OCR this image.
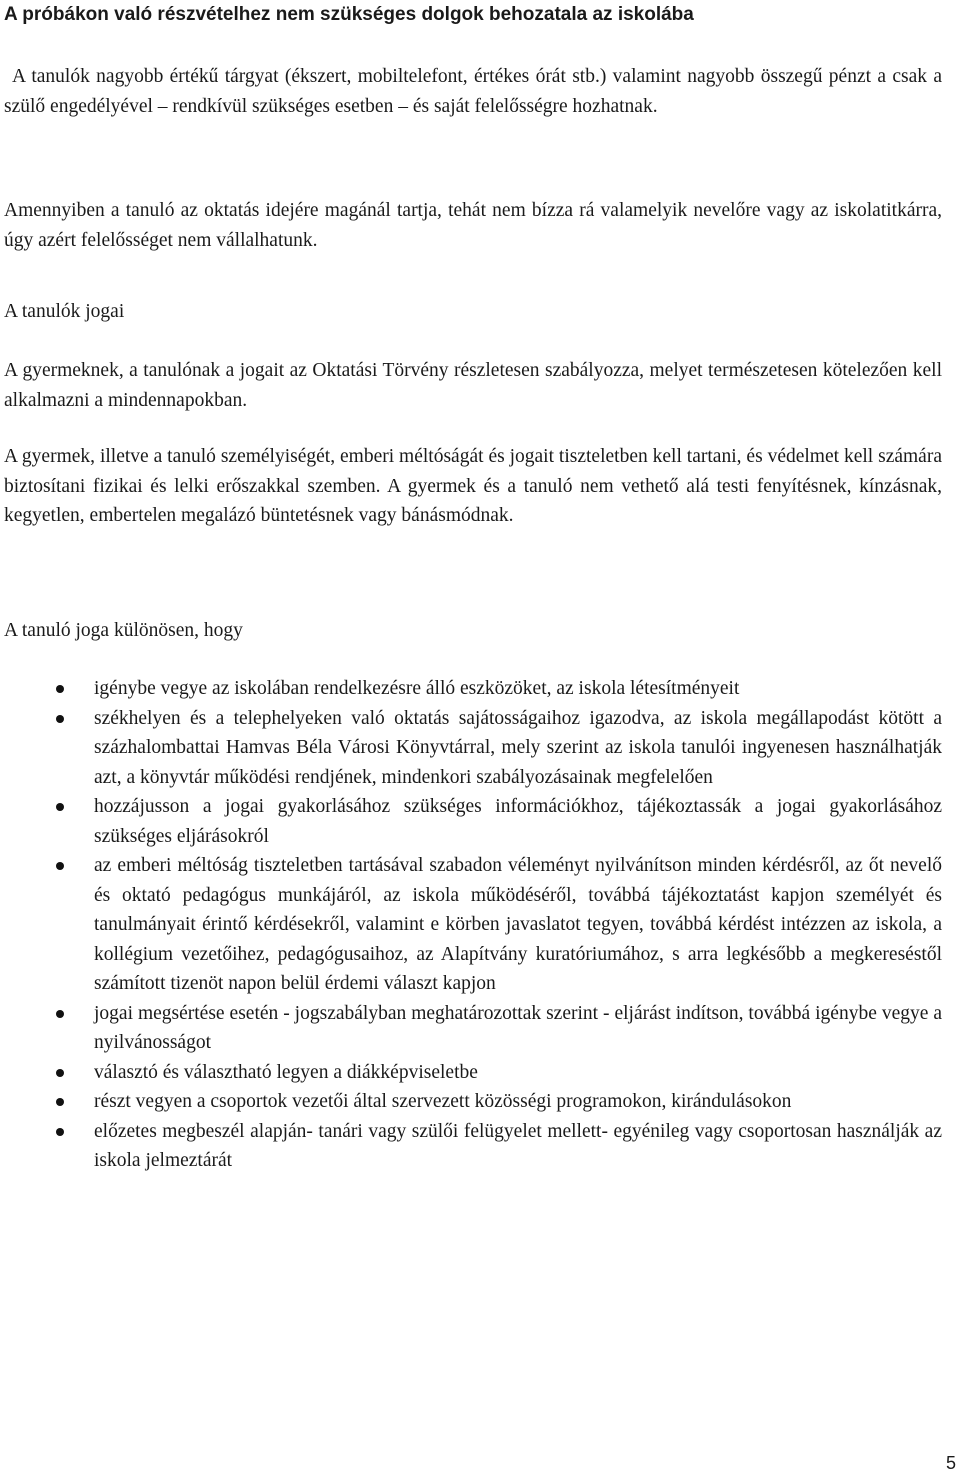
A próbákon való részvételhez nem szükséges dolgok behozatala az iskolába

A tanulók nagyobb értékű tárgyat (ékszert, mobiltelefont, értékes órát stb.) valamint nagyobb összegű pénzt a csak a szülő engedélyével – rendkívül szükséges esetben – és saját felelősségre hozhatnak.

Amennyiben a tanuló az oktatás idejére magánál tartja, tehát nem bízza rá valamelyik nevelőre vagy az iskolatitkárra, úgy azért felelősséget nem vállalhatunk.

A tanulók jogai

A gyermeknek, a tanulónak a jogait az Oktatási Törvény részletesen szabályozza, melyet természetesen kötelezően kell alkalmazni a mindennapokban.

A gyermek, illetve a tanuló személyiségét, emberi méltóságát és jogait tiszteletben kell tartani, és védelmet kell számára biztosítani fizikai és lelki erőszakkal szemben. A gyermek és a tanuló nem vethető alá testi fenyítésnek, kínzásnak, kegyetlen, embertelen megalázó büntetésnek vagy bánásmódnak.

A tanuló joga különösen, hogy

igénybe vegye az iskolában rendelkezésre álló eszközöket, az iskola létesítményeit
székhelyen és a telephelyeken való oktatás sajátosságaihoz igazodva, az iskola megállapodást kötött a százhalombattai Hamvas Béla Városi Könyvtárral, mely szerint az iskola tanulói ingyenesen használhatják azt, a könyvtár működési rendjének, mindenkori szabályozásainak megfelelően
hozzájusson a jogai gyakorlásához szükséges információkhoz, tájékoztassák a jogai gyakorlásához szükséges eljárásokról
az emberi méltóság tiszteletben tartásával szabadon véleményt nyilvánítson minden kérdésről, az őt nevelő és oktató pedagógus munkájáról, az iskola működéséről, továbbá tájékoztatást kapjon személyét és tanulmányait érintő kérdésekről, valamint e körben javaslatot tegyen, továbbá kérdést intézzen az iskola, a kollégium vezetőihez, pedagógusaihoz, az Alapítvány kuratóriumához, s arra legkésőbb a megkereséstől számított tizenöt napon belül érdemi választ kapjon
jogai megsértése esetén - jogszabályban meghatározottak szerint - eljárást indítson, továbbá igénybe vegye a nyilvánosságot
választó és választható legyen a diákképviseletbe
részt vegyen a csoportok vezetői által szervezett közösségi programokon, kirándulásokon
előzetes megbeszél alapján- tanári vagy szülői felügyelet mellett- egyénileg vagy csoportosan használják az iskola jelmeztárát
5
